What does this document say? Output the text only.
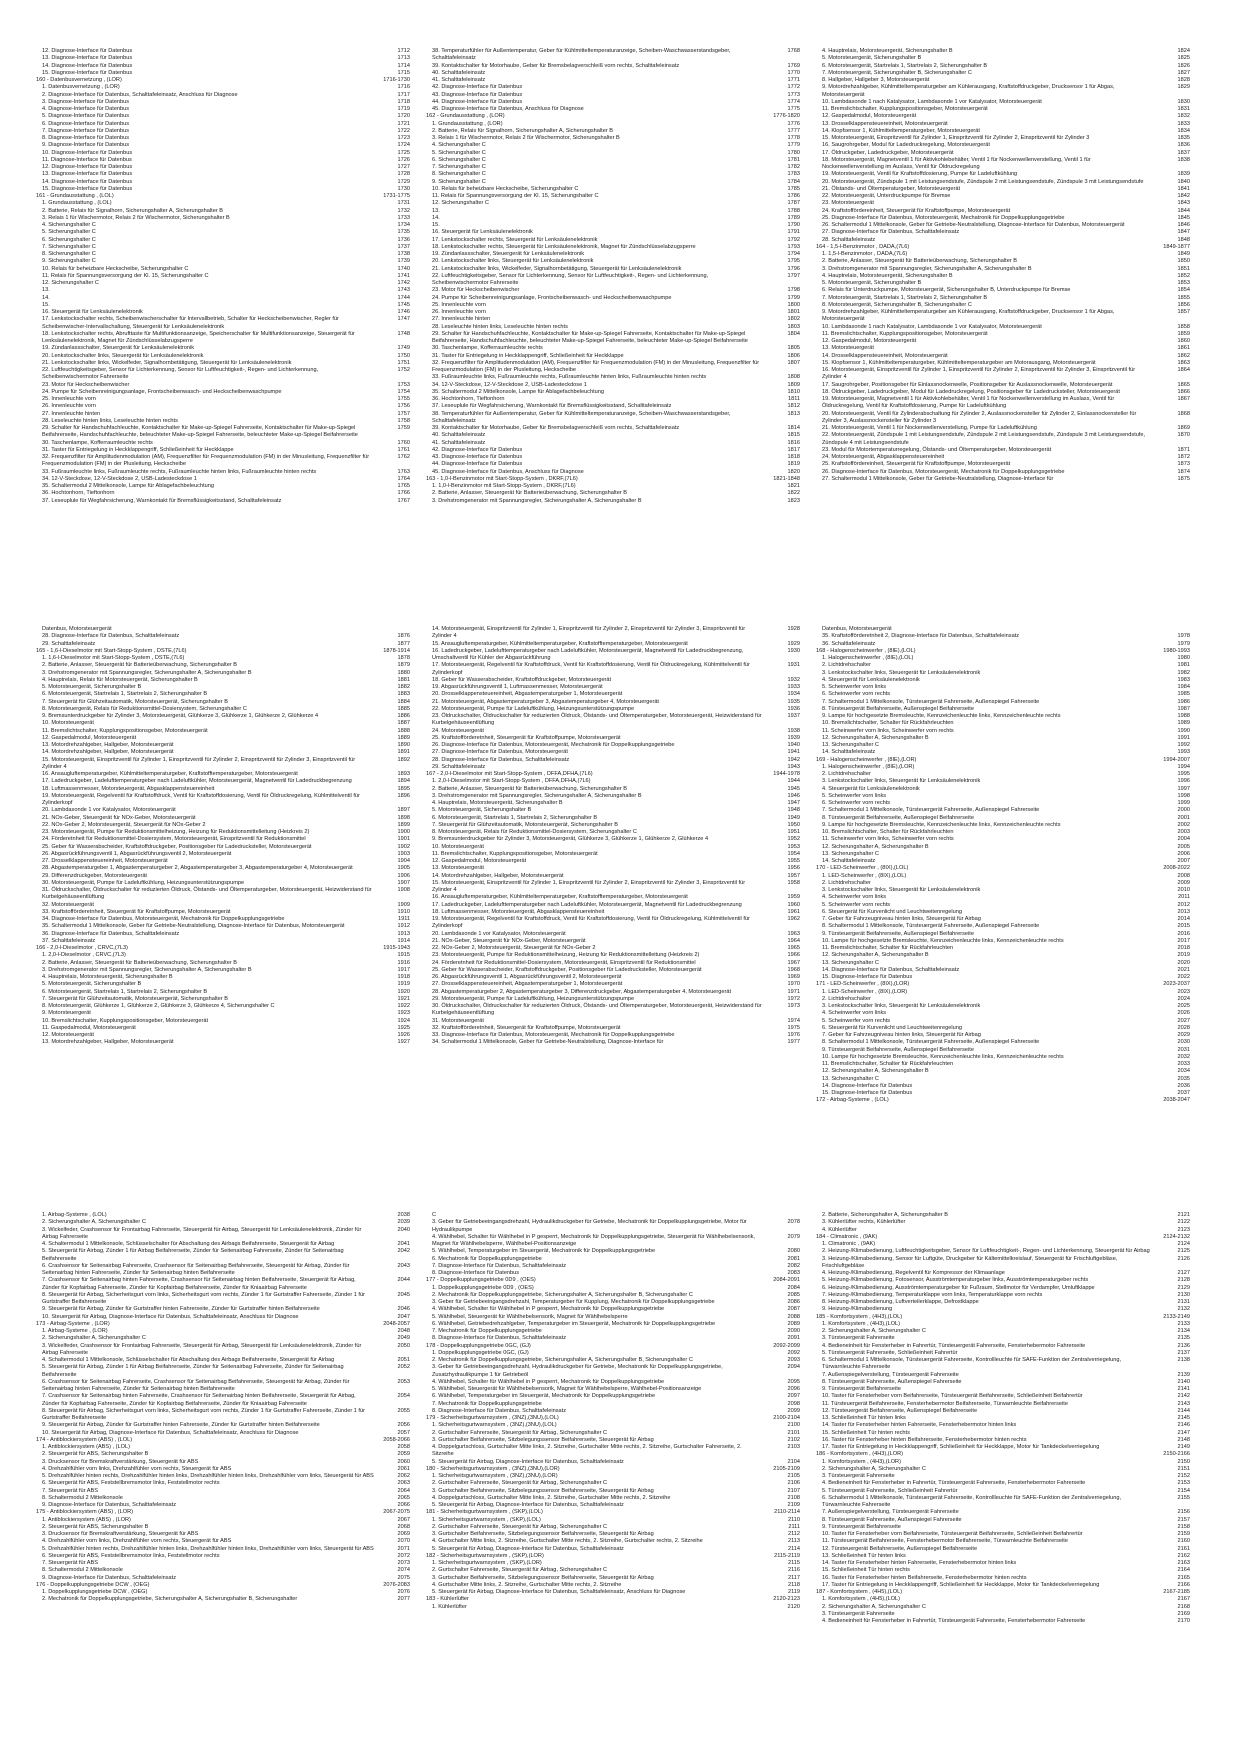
12. Diagnose-Interface für Datenbus	1712
13. Diagnose-Interface für Datenbus	1713
14. Diagnose-Interface für Datenbus	1714
15. Diagnose-Interface für Datenbus	1715
160 - Datenbusvernetzung , (LOR)	1716-1730
1. Datenbusvernetzung , (LOR)	1716
2. Diagnose-Interface für Datenbus, Schalttafeleinsatz, Anschluss für Diagnose	1717
3. Diagnose-Interface für Datenbus	1718
4. Diagnose-Interface für Datenbus	1719
5. Diagnose-Interface für Datenbus	1720
6. Diagnose-Interface für Datenbus	1721
7. Diagnose-Interface für Datenbus	1722
8. Diagnose-Interface für Datenbus	1723
9. Diagnose-Interface für Datenbus	1724
10. Diagnose-Interface für Datenbus	1725
11. Diagnose-Interface für Datenbus	1726
12. Diagnose-Interface für Datenbus	1727
13. Diagnose-Interface für Datenbus	1728
14. Diagnose-Interface für Datenbus	1729
15. Diagnose-Interface für Datenbus	1730
161 - Grundausstattung , (LOL)	1731-1775
1. Grundausstattung , (LOL)	1731
2. Batterie, Relais für Signalhorn, Sicherungshalter A, Sicherungshalter B	1732
3. Relais 1 für Wischermotor, Relais 2 für Wischermotor, Sicherungshalter B	1733
4. Sicherungshalter C	1734
5. Sicherungshalter C	1735
6. Sicherungshalter C	1736
7. Sicherungshalter C	1737
8. Sicherungshalter C	1738
9. Sicherungshalter C	1739
10. Relais für beheizbare Heckscheibe, Sicherungshalter C	1740
11. Relais für Spannungsversorgung der Kl. 15, Sicherungshalter C	1741
12. Sicherungshalter C	1742
13.	1743
14.	1744
15.	1745
16. Steuergerät für Lenksäulenelektronik	1746
17. Lenkstockschalter rechts, Scheibenwischerschalter für Intervallbetrieb, Schalter für Heckscheibenwischer, Regler für Scheibenwischer-Intervallschaltung, Steuergerät für Lenksäulenelektronik
1747
18. Lenkstockschalter rechts, Abrufttaste für Multifunktionsanzeige, Speicherschalter für Multifunktionsanzeige, Steuergerät für Lenksäulenelektronik, Magnet für Zündschlüsselabzugsperre
1748
19. Zündanlassschalter, Steuergerät für Lenksäulenelektronik	1749
20. Lenkstockschalter links, Steuergerät für Lenksäulenelektronik	1750
21. Lenkstockschalter links, Wickelfeder, Signalhornbetätigung, Steuergerät für Lenksäulenelektronik	1751
22. Luftfeuchtigkeitsgeber, Sensor für Lichterkennung, Sensor für Luftfeuchtigkeit-, Regen- und Lichterkennung, Scheibenwischermotor Fahrerseite
1752
23. Motor für Heckscheibenwischer	1753
24. Pumpe für Scheibenreinigungsanlage, Frontscheibenwasch- und Heckscheibenwaschpumpe	1754
25. Innenleuchte vorn	1755
26. Innenleuchte vorn	1756
27. Innenleuchte hinten	1757
28. Leseleuchte hinten links, Leseleuchte hinten rechts	1758
29. Schalter für Handschuhfachleuchte, Kontaktschalter für Make-up-Spiegel Fahrerseite, Kontaktschalter für Make-up-Spiegel Beifahrerseite, Handschuhfachleuchte, beleuchteter Make-up-Spiegel Fahrerseite, beleuchteter Make-up-Spiegel Beifahrerseite
1759
30. Taschenlampe, Kofferraumleuchte rechts	1760
31. Taster für Entriegelung in Heckklappengriff, Schließeinheit für Heckklappe	1761
32. Frequenzfilter für Amplitudenmodulation (AM), Frequenzfilter für Frequenzmodulation (FM) in der Minusleitung, Frequenzfilter für Frequenzmodulation (FM) in der Plusleitung, Heckscheibe
1762
33. Fußraumleuchte links, Fußraumleuchte rechts, Fußraumleuchte hinten links, Fußraumleuchte hinten rechts	1763
34. 12-V-Steckdose, 12-V-Steckdose 2, USB-Ladesteckdose 1	1764
35. Schaltermodul 2 Mittelkonsole, Lampe für Ablagefachbeleuchtung	1765
36. Hochtonhorn, Tieftonhorn	1766
37. Leseuplule für Wegfahrsicherung, Warnkontakt für Bremsflüssigkeitsstand, Schalttafeleinsatz	1767
38. Temperaturfühler für Außentemperatur, Geber für Kühlmitteltemperaturanzeige, Scheiben-Waschwasserstandsgeber, Schalttafeleinsatz
1768
39. Kontaktschalter für Motorhaube, Geber für Bremsbelagverschleiß vorn rechts, Schalttafeleinsatz	1769
40. Schalttafeleinsatz	1770
41. Schalttafeleinsatz	1771
42. Diagnose-Interface für Datenbus	1772
43. Diagnose-Interface für Datenbus	1773
44. Diagnose-Interface für Datenbus	1774
45. Diagnose-Interface für Datenbus, Anschluss für Diagnose	1775
162 - Grundausstattung , (LOR)	1776-1820
1. Grundausstattung , (LOR)	1776
2. Batterie, Relais für Signalhorn, Sicherungshalter A, Sicherungshalter B	1777
3. Relais 1 für Wischermotor, Relais 2 für Wischermotor, Sicherungshalter B	1778
4. Sicherungshalter C	1779
5. Sicherungshalter C	1780
6. Sicherungshalter C	1781
7. Sicherungshalter C	1782
8. Sicherungshalter C	1783
9. Sicherungshalter C	1784
10. Relais für beheizbare Heckscheibe, Sicherungshalter C	1785
11. Relais für Spannungsversorgung der Kl. 15, Sicherungshalter C	1786
12. Sicherungshalter C	1787
13.	1788
14.	1789
15.	1790
16. Steuergerät für Lenksäulenelektronik	1791
17. Lenkstockschalter rechts, Steuergerät für Lenksäulenelektronik	1792
18. Lenkstockschalter rechts, Steuergerät für Lenksäulenelektronik, Magnet für Zündschlüsselabzugsperre	1793
19. Zündanlassschalter, Steuergerät für Lenksäulenelektronik	1794
20. Lenkstockschalter links, Steuergerät für Lenksäulenelektronik	1795
21. Lenkstockschalter links, Wickelfeder, Signalhornbetätigung, Steuergerät für Lenksäulenelektronik	1796
22. Luftfeuchtigkeitsgeber, Sensor für Lichterkennung, Sensor für Luftfeuchtigkeit-, Regen- und Lichterkennung, Scheibenwischermotor Fahrerseite
1797
23. Motor für Heckscheibenwischer	1798
24. Pumpe für Scheibenreinigungsanlage, Frontscheibenwasch- und Heckscheibenwaschpumpe	1799
25. Innenleuchte vorn	1800
26. Innenleuchte vorn	1801
27. Innenleuchte hinten	1802
28. Leseleuchte hinten links, Leseleuchte hinten rechts	1803
29. Schalter für Handschuhfachleuchte, Kontaktschalter für Make-up-Spiegel Fahrerseite, Kontaktschalter für Make-up-Spiegel Beifahrerseite, Handschuhfachleuchte, beleuchteter Make-up-Spiegel Fahrerseite, beleuchteter Make-up-Spiegel Beifahrerseite
1804
30. Taschenlampe, Kofferraumleuchte rechts	1805
31. Taster für Entriegelung in Heckklappengriff, Schließeinheit für Heckklappe	1806
32. Frequenzfilter für Amplitudenmodulation (AM), Frequenzfilter für Frequenzmodulation (FM) in der Minusleitung, Frequenzfilter für Frequenzmodulation (FM) in der Plusleitung, Heckscheibe
1807
33. Fußraumleuchte links, Fußraumleuchte rechts, Fußraumleuchte hinten links, Fußraumleuchte hinten rechts	1808
34. 12-V-Steckdose, 12-V-Steckdose 2, USB-Ladesteckdose 1	1809
35. Schaltermodul 2 Mittelkonsole, Lampe für Ablagefachbeleuchtung	1810
36. Hochtonhorn, Tieftonhorn	1811
37. Leseuplule für Wegfahrsicherung, Warnkontakt für Bremsflüssigkeitsstand, Schalttafeleinsatz	1812
38. Temperaturfühler für Außentemperatur, Geber für Kühlmitteltemperaturanzeige, Scheiben-Waschwasserstandsgeber, Schalttafeleinsatz
1813
39. Kontaktschalter für Motorhaube, Geber für Bremsbelagverschleiß vorn rechts, Schalttafeleinsatz	1814
40. Schalttafeleinsatz	1815
41. Schalttafeleinsatz	1816
42. Diagnose-Interface für Datenbus	1817
43. Diagnose-Interface für Datenbus	1818
44. Diagnose-Interface für Datenbus	1819
45. Diagnose-Interface für Datenbus, Anschluss für Diagnose	1820
163 - 1,0-l-Benzinmotor mit Start-Stopp-System , DKRF,(7L6)	1821-1848
1. 1,0-l-Benzinmotor mit Start-Stopp-System , DKRF,(7L6)	1821
2. Batterie, Anlasser, Steuergerät für Batterieüberwachung, Sicherungshalter B	1822
3. Drehstromgenerator mit Spannungsregler, Sicherungshalter A, Sicherungshalter B	1823
4. Hauptrelais, Motorsteuergerät, Sicherungshalter B	1824
5. Motorsteuergerät, Sicherungshalter B	1825
6. Motorsteuergerät, Startrelais 1, Startrelais 2, Sicherungshalter B	1826
7. Motorsteuergerät, Sicherungshalter B, Sicherungshalter C	1827
8. Hallgeber, Hallgeber 3, Motorsteuergerät	1828
9. Motordrehzahlgeber, Kühlmitteltemperaturgeber am Kühlerausgang, Kraftstoffdruckgeber, Drucksensor 1 für Abgas, Motorsteuergerät
1829
10. Lambdasonde 1 nach Katalysator, Lambdasonde 1 vor Katalysator, Motorsteuergerät	1830
11. Bremslichtschalter, Kupplungspositionsgeber, Motorsteuergerät	1831
12. Gaspedalmodul, Motorsteuergerät	1832
13. Drosselklappensteuereinheit, Motorsteuergerät	1833
14. Klopfsensor 1, Kühlmitteltemperaturgeber, Motorsteuergerät	1834
15. Motorsteuergerät, Einspritzventil für Zylinder 1, Einspritzventil für Zylinder 2, Einspritzventil für Zylinder 3	1835
16. Saugrohrgeber, Modul für Ladedruckregelung, Motorsteuergerät	1836
17. Öldruckgeber, Ladedruckgeber, Motorsteuergerät	1837
18. Motorsteuergerät, Magnetventil 1 für Aktivkohlebehälter, Ventil 1 für Nockenwellenverstellung, Ventil 1 für Nockenwellenverstellung im Auslass, Ventil für Öldruckregelung
1838
19. Motorsteuergerät, Ventil für Kraftstoffdosierung, Pumpe für Ladeluftkühlung	1839
20. Motorsteuergerät, Zündspule 1 mit Leistungsendstufe, Zündspule 2 mit Leistungsendstufe, Zündspule 3 mit Leistungsendstufe	1840
21. Ölstands- und Öltemperaturgeber, Motorsteuergerät	1841
22. Motorsteuergerät, Unterdruckpumpe für Bremse	1842
23. Motorsteuergerät	1843
24. Kraftstoffördereinheit, Steuergerät für Kraftstoffpumpe, Motorsteuergerät	1844
25. Diagnose-Interface für Datenbus, Motorsteuergerät, Mechatronik für Doppelkupplungsgetriebe	1845
26. Schaltermodul 1 Mittelkonsole, Geber für Getriebe-Neutralstellung, Diagnose-Interface für Datenbus, Motorsteuergerät	1846
27. Diagnose-Interface für Datenbus, Schalttafeleinsatz	1847
28. Schalttafeleinsatz	1848
164 - 1,5-l-Benzinmotor , DADA,(7L6)	1849-1877
1. 1,5-l-Benzinmotor , DADA,(7L6)	1849
2. Batterie, Anlasser, Steuergerät für Batterieüberwachung, Sicherungshalter B	1850
3. Drehstromgenerator mit Spannungsregler, Sicherungshalter A, Sicherungshalter B	1851
4. Hauptrelais, Motorsteuergerät, Sicherungshalter B	1852
5. Motorsteuergerät, Sicherungshalter B	1853
6. Relais für Unterdruckpumpe, Motorsteuergerät, Sicherungshalter B, Unterdruckpumpe für Bremse	1854
7. Motorsteuergerät, Startrelais 1, Startrelais 2, Sicherungshalter B	1855
8. Motorsteuergerät, Sicherungshalter B, Sicherungshalter C	1856
9. Motordrehzahlgeber, Kühlmitteltemperaturgeber am Kühlerausgang, Kraftstoffdruckgeber, Drucksensor 1 für Abgas, Motorsteuergerät
1857
10. Lambdasonde 1 nach Katalysator, Lambdasonde 1 vor Katalysator, Motorsteuergerät	1858
11. Bremslichtschalter, Kupplungspositionsgeber, Motorsteuergerät	1859
12. Gaspedalmodul, Motorsteuergerät	1860
13. Motorsteuergerät	1861
14. Drosselklappensteuereinheit, Motorsteuergerät	1862
15. Klopfsensor 1, Kühlmitteltemperaturgeber, Kühlmitteltemperaturgeber am Motorausgang, Motorsteuergerät	1863
16. Motorsteuergerät, Einspritzventil für Zylinder 1, Einspritzventil für Zylinder 2, Einspritzventil für Zylinder 3, Einspritzventil für Zylinder 4
1864
17. Saugrohrgeber, Positionsgeber für Einlassnockenwelle, Positionsgeber für Auslassnockenwelle, Motorsteuergerät	1865
18. Öldruckgeber, Ladedruckgeber, Modul für Ladedruckregelung, Positionsgeber für Ladedrucksteller, Motorsteuergerät	1866
19. Motorsteuergerät, Magnetventil 1 für Aktivkohlebehälter, Ventil 1 für Nockenwellenverstellung im Auslass, Ventil für Öldruckregelung, Ventil für Kraftstoffdosierung, Pumpe für Ladeluftkühlung
1867
20. Motorsteuergerät, Ventil für Zylinderabschaltung für Zylinder 2, Auslassnockensteller für Zylinder 2, Einlassnockensteller für Zylinder 3, Auslassnockensteller für Zylinder 3
1868
21. Motorsteuergerät, Ventil 1 für Nockenwellenverstellung, Pumpe für Ladeluftkühlung	1869
22. Motorsteuergerät, Zündspule 1 mit Leistungsendstufe, Zündspule 2 mit Leistungsendstufe, Zündspule 3 mit Leistungsendstufe, Zündspule 4 mit Leistungsendstufe
1870
23. Modul für Motortemperaturregelung, Ölstands- und Öltemperaturgeber, Motorsteuergerät	1871
24. Motorsteuergerät, Abgasklappensteuereinheit	1872
25. Kraftstoffördereinheit, Steuergerät für Kraftstoffpumpe, Motorsteuergerät	1873
26. Diagnose-Interface für Datenbus, Motorsteuergerät, Mechatronik für Doppelkupplungsgetriebe	1874
27. Schaltermodul 1 Mittelkonsole, Geber für Getriebe-Neutralstellung, Diagnose-Interface für	1875
Datenbus, Motorsteuergerät
28. Diagnose-Interface für Datenbus, Schalttafeleinsatz	1876
29. Schalttafeleinsatz	1877
165 - 1,6-l-Dieselmotor mit Start-Stopp-System , DSTE,(7L6)	1878-1914
1. 1,6-l-Dieselmotor mit Start-Stopp-System , DSTE,(7L6)	1878
2. Batterie, Anlasser, Steuergerät für Batterieüberwachung, Sicherungshalter B	1879
3. Drehstromgenerator mit Spannungsregler, Sicherungshalter A, Sicherungshalter B	1880
4. Hauptrelais, Relais für Motorsteuergerät, Sicherungshalter B	1881
5. Motorsteuergerät, Sicherungshalter B	1882
6. Motorsteuergerät, Startrelais 1, Startrelais 2, Sicherungshalter B	1883
7. Steuergerät für Glühzeitautomatik, Motorsteuergerät, Sicherungshalter B	1884
8. Motorsteuergerät, Relais für Reduktionsmittel-Dosiersystem, Sicherungshalter C	1885
9. Bremsunterdruckgeber für Zylinder 3, Motorsteuergerät, Glühkerze 3, Glühkerze 1, Glühkerze 2, Glühkerze 4	1886
10. Motorsteuergerät	1887
11. Bremslichtschalter, Kupplungspositionsgeber, Motorsteuergerät	1888
12. Gaspedalmodul, Motorsteuergerät	1889
13. Motordrehzahlgeber, Hallgeber, Motorsteuergerät	1890
14. Motordrehzahlgeber, Hallgeber, Motorsteuergerät	1891
15. Motorsteuergerät, Einspritzventil für Zylinder 1, Einspritzventil für Zylinder 2, Einspritzventil für Zylinder 3, Einspritzventil für Zylinder 4
1892
16. Ansaugluftemperaturgeber, Kühlmitteltemperaturgeber, Kraftstofftemperaturgeber, Motorsteuergerät	1893
17. Ladedruckgeber, Ladelufttemperaturgeber nach Ladeluftkühler, Motorsteuergerät, Magnetventil für Ladedruckbegrenzung	1894
18. Luftmassenmesser, Motorsteuergerät, Abgasklappensteuereinheit	1895
19. Motorsteuergerät, Regelventil für Kraftstoffdruck, Ventil für Kraftstoffdosierung, Ventil für Öldruckregelung, Kühlmittelventil für Zylinderkopf
1896
20. Lambdasonde 1 vor Katalysator, Motorsteuergerät	1897
21. NOx-Geber, Steuergerät für NOx-Geber, Motorsteuergerät	1898
22. NOx-Geber 2, Motorsteuergerät, Steuergerät für NOx-Geber 2	1899
23. Motorsteuergerät, Pumpe für Reduktionsmittelheizung, Heizung für Reduktionsmittelleitung (Heizkreis 2)	1900
24. Förderetnheit für Reduktionsmittel-Dosiersystem, Motorsteuergerät, Einspritzventil für Reduktionsmittel	1901
25. Geber für Wasserabscheider, Kraftstoffdruckgeber, Positionsgeber für Ladedrucksteller, Motorsteuergerät	1902
26. Abgasrückführungsventil 1, Abgasrückführungsventil 2, Motorsteuergerät	1903
27. Drosselklappensteuereinheit, Motorsteuergerät	1904
28. Abgastemperaturgeber 1, Abgastemperaturgeber 2, Abgastemperaturgeber 3, Abgastemperaturgeber 4, Motorsteuergerät	1905
29. Differenzdruckgeber, Motorsteuergerät	1906
30. Motorsteuergerät, Pumpe für Ladeluftkühlung, Heizungsunterstützungspumpe	1907
31. Öldruckschalter, Öldruckschalter für reduzierten Öldruck, Ölstands- und Öltemperaturgeber, Motorsteuergerät, Heizwiderstand für Kurbelgehäuseentlüftung
1908
32. Motorsteuergerät	1909
33. Kraftstofförderetnheit, Steuergerät für Kraftstoffpumpe, Motorsteuergerät	1910
34. Diagnose-Interface für Datenbus, Motorsteuergerät, Mechatronik für Doppelkupplungsgetriebe	1911
35. Schaltermodul 1 Mittelkonsole, Geber für Getriebe-Neutralstellung, Diagnose-Interface für Datenbus, Motorsteuergerät	1912
36. Diagnose-Interface für Datenbus, Schalttafeleinsatz	1913
37. Schalttafeleinsatz	1914
166 - 2,0-l-Dieselmotor , CRVC,(7L3)	1915-1943
1. 2,0-l-Dieselmotor , CRVC,(7L3)	1915
2. Batterie, Anlasser, Steuergerät für Batterieüberwachung, Sicherungshalter B	1916
3. Drehstromgenerator mit Spannungsregler, Sicherungshalter A, Sicherungshalter B	1917
4. Hauptrelais, Motorsteuergerät, Sicherungshalter B	1918
5. Motorsteuergerät, Sicherungshalter B	1919
6. Motorsteuergerät, Startrelais 1, Startrelais 2, Sicherungshalter B	1920
7. Steuergerät für Glühzeitautomatik, Motorsteuergerät, Sicherungshalter B	1921
8. Motorsteuergerät, Glühkerze 1, Glühkerze 2, Glühkerze 3, Glühkerze 4, Sicherungshalter C	1922
9. Motorsteuergerät	1923
10. Bremslichtschalter, Kupplungspositionsgeber, Motorsteuergerät	1924
11. Gaspedalmodul, Motorsteuergerät	1925
12. Motorsteuergerät	1926
13. Motordrehzahlgeber, Hallgeber, Motorsteuergerät	1927
14. Motorsteuergerät, Einspritzventil für Zylinder 1, Einspritzventil für Zylinder 2, Einspritzventil für Zylinder 3, Einspritzventil für Zylinder 4
1928
15. Ansaugluftemperaturgeber, Kühlmitteltemperaturgeber, Kraftstofftemperaturgeber, Motorsteuergerät	1929
16. Ladedruckgeber, Ladelufttemperaturgeber nach Ladeluftkühler, Motorsteuergerät, Magnetventil für Ladedruckbegrenzung, Umschaltventil für Kühler der Abgasrückführung
1930
17. Motorsteuergerät, Regelventil für Kraftstoffdruck, Ventil für Kraftstoffdosierung, Ventil für Öldruckregelung, Kühlmittelventil für Zylinderkopf
1931
18. Geber für Wasserabscheider, Kraftstoffdruckgeber, Motorsteuergerät	1932
19. Abgasrückführungsventil 1, Luftmassenmesser, Motorsteuergerät	1933
20. Drosselklappensteuereinheit, Abgastemperaturgeber 1, Motorsteuergerät	1934
21. Motorsteuergerät, Abgastemperaturgeber 3, Abgastemperaturgeber 4, Motorsteuergerät	1935
22. Motorsteuergerät, Pumpe für Ladeluftkühlung, Heizungsunterstützungspumpe	1936
23. Öldruckschalter, Öldruckschalter für reduzierten Öldruck, Ölstands- und Öltemperaturgeber, Motorsteuergerät, Heizwiderstand für Kurbelgehäuseentlüftung
1937
24. Motorsteuergerät	1938
25. Kraftstofförderetnheit, Steuergerät für Kraftstoffpumpe, Motorsteuergerät	1939
26. Diagnose-Interface für Datenbus, Motorsteuergerät, Mechatronik für Doppelkupplungsgetriebe	1940
27. Diagnose-Interface für Datenbus, Motorsteuergerät	1941
28. Diagnose-Interface für Datenbus, Schalttafeleinsatz	1942
29. Schalttafeleinsatz	1943
167 - 2,0-l-Dieselmotor mit Start-Stopp-System , DFFA,DFHA,(7L6)	1944-1978
1. 2,0-l-Dieselmotor mit Start-Stopp-System , DFFA,DFHA,(7L6)	1944
2. Batterie, Anlasser, Steuergerät für Batterieüberwachung, Sicherungshalter B	1945
3. Drehstromgenerator mit Spannungsregler, Sicherungshalter A, Sicherungshalter B	1946
4. Hauptrelais, Motorsteuergerät, Sicherungshalter B	1947
5. Motorsteuergerät, Sicherungshalter B	1948
6. Motorsteuergerät, Startrelais 1, Startrelais 2, Sicherungshalter B	1949
7. Steuergerät für Glühzeitautomatik, Motorsteuergerät, Sicherungshalter B	1950
8. Motorsteuergerät, Relais für Reduktionsmittel-Dosiersystem, Sicherungshalter C	1951
9. Bremsunterdruckgeber für Zylinder 3, Motorsteuergerät, Glühkerze 3, Glühkerze 1, Glühkerze 2, Glühkerze 4	1952
10. Motorsteuergerät	1953
11. Bremslichtschalter, Kupplungspositionsgeber, Motorsteuergerät	1954
12. Gaspedalmodul, Motorsteuergerät	1955
13. Motorsteuergerät	1956
14. Motordrehzahlgeber, Hallgeber, Motorsteuergerät	1957
15. Motorsteuergerät, Einspritzventil für Zylinder 1, Einspritzventil für Zylinder 2, Einspritzventil für Zylinder 3, Einspritzventil für Zylinder 4
1958
16. Ansaugluftemperaturgeber, Kühlmitteltemperaturgeber, Kraftstofftemperaturgeber, Motorsteuergerät	1959
17. Ladedruckgeber, Ladelufttemperaturgeber nach Ladeluftkühler, Motorsteuergerät, Magnetventil für Ladedruckbegrenzung	1960
18. Luftmassenmesser, Motorsteuergerät, Abgasklappensteuereinheit	1961
19. Motorsteuergerät, Regelventil für Kraftstoffdruck, Ventil für Kraftstoffdosierung, Ventil für Öldruckregelung, Kühlmittelventil für Zylinderkopf
1962
20. Lambdasonde 1 vor Katalysator, Motorsteuergerät	1963
21. NOx-Geber, Steuergerät für NOx-Geber, Motorsteuergerät	1964
22. NOx-Geber 2, Motorsteuergerät, Steuergerät für NOx-Geber 2	1965
23. Motorsteuergerät, Pumpe für Reduktionsmittelheizung, Heizung für Reduktionsmittelleitung (Heizkreis 2)	1966
24. Förderetnheit für Reduktionsmittel-Dosiersystem, Motorsteuergerät, Einspritzventil für Reduktionsmittel	1967
25. Geber für Wasserabscheider, Kraftstoffdruckgeber, Positionsgeber für Ladedrucksteller, Motorsteuergerät	1968
26. Abgasrückführungsventil 1, Abgasrückführungsventil 2, Motorsteuergerät	1969
27. Drosselklappensteuereinheit, Abgastemperaturgeber 1, Motorsteuergerät	1970
28. Abgastemperaturgeber 2, Abgastemperaturgeber 3, Differenzdruckgeber, Abgastemperaturgeber 4, Motorsteuergerät	1971
29. Motorsteuergerät, Pumpe für Ladeluftkühlung, Heizungsunterstützungspumpe	1972
30. Öldruckschalter, Öldruckschalter für reduzierten Öldruck, Ölstands- und Öltemperaturgeber, Motorsteuergerät, Heizwiderstand für Kurbelgehäuseentlüftung
1973
31. Motorsteuergerät	1974
32. Kraftstofförderetnheit, Steuergerät für Kraftstoffpumpe, Motorsteuergerät	1975
33. Diagnose-Interface für Datenbus, Motorsteuergerät, Mechatronik für Doppelkupplungsgetriebe	1976
34. Schaltermodul 1 Mittelkonsole, Geber für Getriebe-Neutralstellung, Diagnose-Interface für	1977
Datenbus, Motorsteuergerät
35. Kraftstofförderetnheit 2, Diagnose-Interface für Datenbus, Schalttafeleinsatz	1978
36. Schalttafeleinsatz	1979
168 - Halogenscheinwerfer , (8IE),(LOL)	1980-1993
1. Halogenscheinwerfer , (8IE),(LOL)	1980
2. Lichtdrehschalter	1981
3. Lenkstockschalter links, Steuergerät für Lenksäulenelektronik	1982
4. Steuergerät für Lenksäulenelektronik	1983
5. Scheinwerfer vorn links	1984
6. Scheinwerfer vorn rechts	1985
7. Schaltermodul 1 Mittelkonsole, Türsteuergerät Fahrerseite, Außenspiegel Fahrerseite	1986
8. Türsteuergerät Beifahrerseite, Außenspiegel Beifahrerseite	1987
9. Lampe für hochgesetzte Bremsleuchte, Kennzeichenleuchte links, Kennzeichenleuchte rechts	1988
10. Bremslichtschalter, Schalter für Rückfahrleuchten	1989
11. Scheinwerfer vorn links, Scheinwerfer vorn rechts	1990
12. Sicherungshalter A, Sicherungshalter B	1991
13. Sicherungshalter C	1992
14. Schalttafeleinsatz	1993
169 - Halogenscheinwerfer , (8IE),(LOR)	1994-2007
1. Halogenscheinwerfer , (8IE),(LOR)	1994
2. Lichtdrehschalter	1995
3. Lenkstockschalter links, Steuergerät für Lenksäulenelektronik	1996
4. Steuergerät für Lenksäulenelektronik	1997
5. Scheinwerfer vorn links	1998
6. Scheinwerfer vorn rechts	1999
7. Schaltermodul 1 Mittelkonsole, Türsteuergerät Fahrerseite, Außenspiegel Fahrerseite	2000
8. Türsteuergerät Beifahrerseite, Außenspiegel Beifahrerseite	2001
9. Lampe für hochgesetzte Bremsleuchte, Kennzeichenleuchte links, Kennzeichenleuchte rechts	2002
10. Bremslichtschalter, Schalter für Rückfahrleuchten	2003
11. Scheinwerfer vorn links, Scheinwerfer vorn rechts	2004
12. Sicherungshalter A, Sicherungshalter B	2005
13. Sicherungshalter C	2006
14. Schalttafeleinsatz	2007
170 - LED-Scheinwerfer , (8IX),(LOL)	2008-2022
1. LED-Scheinwerfer , (8IX),(LOL)	2008
2. Lichtdrehschalter	2009
3. Lenkstockschalter links, Steuergerät für Lenksäulenelektronik	2010
4. Scheinwerfer vorn links	2011
5. Scheinwerfer vorn rechts	2012
6. Steuergerät für Kurvenlicht und Leuchtweitenregelung	2013
7. Geber für Fahrzeugniveau hinten links, Steuergerät für Airbag	2014
8. Schaltermodul 1 Mittelkonsole, Türsteuergerät Fahrerseite, Außenspiegel Fahrerseite	2015
9. Türsteuergerät Beifahrerseite, Außenspiegel Beifahrerseite	2016
10. Lampe für hochgesetzte Bremsleuchte, Kennzeichenleuchte links, Kennzeichenleuchte rechts	2017
11. Bremslichtschalter, Schalter für Rückfahrleuchten	2018
12. Sicherungshalter A, Sicherungshalter B	2019
13. Sicherungshalter C	2020
14. Diagnose-Interface für Datenbus, Schalttafeleinsatz	2021
15. Diagnose-Interface für Datenbus	2022
171 - LED-Scheinwerfer , (8IX),(LOR)	2023-2037
1. LED-Scheinwerfer , (8IX),(LOR)	2023
2. Lichtdrehschalter	2024
3. Lenkstockschalter links, Steuergerät für Lenksäulenelektronik	2025
4. Scheinwerfer vorn links	2026
5. Scheinwerfer vorn rechts	2027
6. Steuergerät für Kurvenlicht und Leuchtweitenregelung	2028
7. Geber für Fahrzeugniveau hinten links, Steuergerät für Airbag	2029
8. Schaltermodul 1 Mittelkonsole, Türsteuergerät Fahrerseite, Außenspiegel Fahrerseite	2030
9. Türsteuergerät Beifahrerseite, Außenspiegel Beifahrerseite	2031
10. Lampe für hochgesetzte Bremsleuchte, Kennzeichenleuchte links, Kennzeichenleuchte rechts	2032
11. Bremslichtschalter, Schalter für Rückfahrleuchten	2033
12. Sicherungshalter A, Sicherungshalter B	2034
13. Sicherungshalter C	2035
14. Diagnose-Interface für Datenbus	2036
15. Diagnose-Interface für Datenbus	2037
172 - Airbag-Systeme , (LOL)	2038-2047
1. Airbag-Systeme , (LOL)	2038
2. Sicherungshalter A, Sicherungshalter C	2039
3. Wickelfeder, Crashsensor für Frontairbag Fahrerseite, Steuergerät für Airbag, Steuergerät für Lenksäulenelektronik, Zünder für Airbag Fahrerseite
2040
4. Schaltermodul 1 Mittelkonsole, Schlüsselschalter für Abschaltung des Airbags Beifahrerseite, Steuergerät für Airbag	2041
5. Steuergerät für Airbag, Zünder 1 für Airbag Beifahrerseite, Zünder für Seitenairbag Fahrerseite, Zünder für Seitenairbag Beifahrerseite
2042
6. Crashsensor für Seitenairbag Fahrerseite, Crashsensor für Seitenairbag Beifahrerseite, Steuergerät für Airbag, Zünder für Seitenairbag hinten Fahrerseite, Zünder für Seitenairbag hinten Beifahrerseite
2043
7. Crashsensor für Seitenairbag hinten Fahrerseite, Crashsensor für Seitenairbag hinten Beifahrerseite, Steuergerät für Airbag, Zünder für Kopfairbag Fahrerseite, Zünder für Kopfairbag Beifahrerseite, Zünder für Kniaairbag Fahrerseite
2044
8. Steuergerät für Airbag, Sicherheitsgurt vorn links, Sicherheitsgurt vorn rechts, Zünder 1 für Gurtstraffer Fahrerseite, Zünder 1 für Gurtstraffer Beifahrerseite
2045
9. Steuergerät für Airbag, Zünder für Gurtstraffer hinten Fahrerseite, Zünder für Gurtstraffer hinten Beifahrerseite	2046
10. Steuergerät für Airbag, Diagnose-Interface für Datenbus, Schalttafeleinsatz, Anschluss für Diagnose	2047
173 - Airbag-Systeme , (LOR)	2048-2057
1. Airbag-Systeme , (LOR)	2048
2. Sicherungshalter A, Sicherungshalter C	2049
3. Wickelfeder, Crashsensor für Frontairbag Fahrerseite, Steuergerät für Airbag, Steuergerät für Lenksäulenelektronik, Zünder für Airbag Fahrerseite
2050
4. Schaltermodul 1 Mittelkonsole, Schlüsselschalter für Abschaltung des Airbags Beifahrerseite, Steuergerät für Airbag	2051
5. Steuergerät für Airbag, Zünder 1 für Airbag Beifahrerseite, Zünder für Seitenairbag Fahrerseite, Zünder für Seitenairbag Beifahrerseite
2052
6. Crashsensor für Seitenairbag Fahrerseite, Crashsensor für Seitenairbag Beifahrerseite, Steuergerät für Airbag, Zünder für Seitenairbag hinten Fahrerseite, Zünder für Seitenairbag hinten Beifahrerseite
2053
7. Crashsensor für Seitenairbag hinten Fahrerseite, Crashsensor für Seitenairbag hinten Beifahrerseite, Steuergerät für Airbag, Zünder für Kopfairbag Fahrerseite, Zünder für Kopfairbag Beifahrerseite, Zünder für Kniaairbag Fahrerseite
2054
8. Steuergerät für Airbag, Sicherheitsgurt vorn links, Sicherheitsgurt vorn rechts, Zünder 1 für Gurtstraffer Fahrerseite, Zünder 1 für Gurtstraffer Beifahrerseite
2055
9. Steuergerät für Airbag, Zünder für Gurtstraffer hinten Fahrerseite, Zünder für Gurtstraffer hinten Beifahrerseite	2056
10. Steuergerät für Airbag, Diagnose-Interface für Datenbus, Schalttafeleinsatz, Anschluss für Diagnose	2057
174 - Antiblockiersystem (ABS) , (LOL)	2058-2066
1. Antiblockiersystem (ABS) , (LOL)	2058
2. Steuergerät für ABS, Sicherungshalter B	2059
3. Drucksensor für Bremskraftverstärkung, Steuergerät für ABS	2060
4. Drehzahlfühler vorn links, Drehzahlfühler vorn rechts, Steuergerät für ABS	2061
5. Drehzahlfühler hinten rechts, Drehzahlfühler hinten links, Drehzahlfühler hinten links, Drehzahlfühler vorn links, Steuergerät für ABS	2062
6. Steuergerät für ABS, Feststellbremsmotor links, Feststellmotor rechts	2063
7. Steuergerät für ABS	2064
8. Schaltermodul 2 Mittelkonsole	2065
9. Diagnose-Interface für Datenbus, Schalttafeleinsatz	2066
175 - Antiblockiersystem (ABS) , (LOR)	2067-2075
1. Antiblockiersystem (ABS) , (LOR)	2067
2. Steuergerät für ABS, Sicherungshalter B	2068
3. Drucksensor für Bremskraftverstärkung, Steuergerät für ABS	2069
4. Drehzahlfühler vorn links, Drehzahlfühler vorn rechts, Steuergerät für ABS	2070
5. Drehzahlfühler hinten rechts, Drehzahlfühler hinten links, Drehzahlfühler hinten links, Drehzahlfühler vorn links, Steuergerät für ABS	2071
6. Steuergerät für ABS, Feststellbremsmotor links, Feststellmotor rechts	2072
7. Steuergerät für ABS	2073
8. Schaltermodul 2 Mittelkonsole	2074
9. Diagnose-Interface für Datenbus, Schalttafeleinsatz	2075
176 - Doppelkupplungsgetriebe DCW , (OEG)	2076-2083
1. Doppelkupplungsgetriebe DCW , (OEG)	2076
2. Mechatronik für Doppelkupplungsgetriebe, Sicherungshalter A, Sicherungshalter B, Sicherungshalter	2077
C
3. Geber für Getriebeeingangsdrehzahl, Hydraulikdruckgeber für Getriebe, Mechatronik für Doppelkupplungsgetriebe, Motor für Hydraulikpumpe
2078
4. Wählhebel, Schalter für Wählhebel in P gesperrt, Mechatronik für Doppelkupplungsgetriebe, Steuergerät für Wählhebelsensorik, Magnet für Wählhebelsperre, Wählhebel-Positionsanzeige
2079
5. Wählhebel, Temperaturgeber im Steuergerät, Mechatronik für Doppelkupplungsgetriebe	2080
6. Mechatronik für Doppelkupplungsgetriebe	2081
7. Diagnose-Interface für Datenbus, Schalttafeleinsatz	2082
8. Diagnose-Interface für Datenbus	2083
177 - Doppelkupplungsgetriebe 0D9 , (OES)	2084-2091
1. Doppelkupplungsgetriebe 0D9 , (OES)	2084
2. Mechatronik für Doppelkupplungsgetriebe, Sicherungshalter A, Sicherungshalter B, Sicherungshalter C	2085
3. Geber für Getriebeeingangsdrehzahl, Temperaturgeber für Kupplung, Mechatronik für Doppelkupplungsgetriebe	2086
4. Wählhebel, Schalter für Wählhebel in P gesperrt, Mechatronik für Doppelkupplungsgetriebe	2087
5. Wählhebel, Steuergerät für Wählhebelsensorik, Magnet für Wählhebelsperre	2088
6. Wählhebel, Getriebedrehzahlgeber, Temperaturgeber im Steuergerät, Mechatronik für Doppelkupplungsgetriebe	2089
7. Mechatronik für Doppelkupplungsgetriebe	2090
8. Diagnose-Interface für Datenbus, Schalttafeleinsatz	2091
178 - Doppelkupplungsgetriebe 0GC, (GJ)	2092-2099
1. Doppelkupplungsgetriebe 0GC, (GJ)	2092
2. Mechatronik für Doppelkupplungsgetriebe, Sicherungshalter A, Sicherungshalter B, Sicherungshalter C	2093
3. Geber für Getriebeeingangsdrehzahl, Hydraulikdruckgeber für Getriebe, Mechatronik für Doppelkupplungsgetriebe, Zusatzhydraulikpumpe 1 für Getriebeöl
2094
4. Wählhebel, Schalter für Wählhebel in P gesperrt, Mechatronik für Doppelkupplungsgetriebe	2095
5. Wählhebel, Steuergerät für Wählhebelsensorik, Magnet für Wählhebelsperre, Wählhebel-Positionsanzeige	2096
6. Wählhebel, Temperaturgeber im Steuergerät, Mechatronik für Doppelkupplungsgetriebe	2097
7. Mechatronik für Doppelkupplungsgetriebe	2098
8. Diagnose-Interface für Datenbus, Schalttafeleinsatz	2099
179 - Sicherheitsgurtwarnsystem , (3NZ),(3NU),(LOL)	2100-2104
1. Sicherheitsgurtwarnsystem , (3NZ),(3NU),(LOL)	2100
2. Gurtschalter Fahrerseite, Steuergerät für Airbag, Sicherungshalter C	2101
3. Gurtschalter Beifahrerseite, Sitzbelegungssensor Beifahrerseite, Steuergerät für Airbag	2102
4. Doppelgurtschloss, Gurtschalter Mitte links, 2. Sitzreihe, Gurtschalter Mitte rechts, 2. Sitzreihe, Gurtschalter Fahrerseite, 2. Sitzreihe
2103
5. Steuergerät für Airbag, Diagnose-Interface für Datenbus, Schalttafeleinsatz	2104
180 - Sicherheitsgurtwarnsystem , (3NZ),(3NU),(LOR)	2105-2109
1. Sicherheitsgurtwarnsystem , (3NZ),(3NU),(LOR)	2105
2. Gurtschalter Fahrerseite, Steuergerät für Airbag, Sicherungshalter C	2106
3. Gurtschalter Beifahrerseite, Sitzbelegungssensor Beifahrerseite, Steuergerät für Airbag	2107
4. Doppelgurtschloss, Gurtschalter Mitte links, 2. Sitzreihe, Gurtschalter Mitte rechts, 2. Sitzreihe	2108
5. Steuergerät für Airbag, Diagnose-Interface für Datenbus, Schalttafeleinsatz	2109
181 - Sicherheitsgurtwarnsystem , (SKP),(LOL)	2110-2114
1. Sicherheitsgurtwarnsystem , (SKP),(LOL)	2110
2. Gurtschalter Fahrerseite, Steuergerät für Airbag, Sicherungshalter C	2111
3. Gurtschalter Beifahrerseite, Sitzbelegungssensor Beifahrerseite, Steuergerät für Airbag	2112
4. Gurtschalter Mitte links, 2. Sitzreihe, Gurtschalter Mitte rechts, 2. Sitzreihe, Gurtschalter rechts, 2. Sitzreihe	2113
5. Steuergerät für Airbag, Diagnose-Interface für Datenbus, Schalttafeleinsatz	2114
182 - Sicherheitsgurtwarnsystem , (SKP),(LOR)	2115-2119
1. Sicherheitsgurtwarnsystem , (SKP),(LOR)	2115
2. Gurtschalter Fahrerseite, Steuergerät für Airbag, Sicherungshalter C	2116
3. Gurtschalter Beifahrerseite, Sitzbelegungssensor Beifahrerseite, Steuergerät für Airbag	2117
4. Gurtschalter Mitte links, 2. Sitzreihe, Gurtschalter Mitte rechts, 2. Sitzreihe	2118
5. Steuergerät für Airbag, Diagnose-Interface für Datenbus, Schalttafeleinsatz, Anschluss für Diagnose	2119
183 - Kühlerlüfter	2120-2123
1. Kühlerlüfter	2120
2. Batterie, Sicherungshalter A, Sicherungshalter B	2121
3. Kühlerlüfter rechts, Kühlerlüfter	2122
4. Kühlerlüfter	2123
184 - Climatronic , (9AK)	2124-2132
1. Climatronic , (9AK)	2124
2. Heizung-/Klimabedienung, Luftfeuchtigkeitsgeber, Sensor für Luftfeuchtigkeit-, Regen- und Lichterkennung, Steuergerät für Airbag	2125
3. Heizung-/Klimabedienung, Sensor für Luftgüte, Druckgeber für Kältemittelkreislauf, Steuergerät für Frischluftgebläse, Frischluftgebläse
2126
4. Heizung-/Klimabedienung, Regelventil für Kompressor der Klimaanlage	2127
5. Heizung-/Klimabedienung, Fotosensor, Ausströmtemperaturgeber links, Ausströmtemperaturgeber rechts	2128
6. Heizung-/Klimabedienung, Ausströmtemperaturgeber für Fußraum, Stellmotor für Verdampfer, Umluftklappe	2129
7. Heizung-/Klimabedienung, Temperaturklappe vorn links, Temperaturklappe vorn rechts	2130
8. Heizung-/Klimabedienung, Luftverteilerklappe, Defrostklappe	2131
9. Heizung-/Klimabedienung	2132
185 - Komfortsystem , (4H3),(LOL)	2133-2149
1. Komfortsystem , (4H3),(LOL)	2133
2. Sicherungshalter A, Sicherungshalter C	2134
3. Türsteuergerät Fahrerseite	2135
4. Bedieneinheit für Fensterheber in Fahrertür, Türsteuergerät Fahrerseite, Fensterhebermotor Fahrerseite	2136
5. Türsteuergerät Fahrerseite, Schließeinheit Fahrertür	2137
6. Schaltermodul 1 Mittelkonsole, Türsteuergerät Fahrerseite, Kontrollleuchte für SAFE-Funktion der Zentralverriegelung, Türwarnleuchte Fahrerseite
2138
7. Außenspiegelverstellung, Türsteuergerät Fahrerseite	2139
8. Türsteuergerät Fahrerseite, Außenspiegel Fahrerseite	2140
9. Türsteuergerät Beifahrerseite	2141
10. Taster für Fensterheber vorn Beifahrerseite, Türsteuergerät Beifahrerseite, Schließeinheit Beifahrertür	2142
11. Türsteuergerät Beifahrerseite, Fensterhebermotor Beifahrerseite, Türwarnleuchte Beifahrerseite	2143
12. Türsteuergerät Beifahrerseite, Außenspiegel Beifahrerseite	2144
13. Schließeinheit Tür hinten links	2145
14. Taster für Fensterheber hinten Fahrerseite, Fensterhebermotor hinten links	2146
15. Schließeinheit Tür hinten rechts	2147
16. Taster für Fensterheber hinten Beifahrerseite, Fensterhebermotor hinten rechts	2148
17. Taster für Entriegelung in Heckklappengriff, Schließeinheit für Heckklappe, Motor für Tankdeckelverriegelung	2149
186 - Komfortsystem , (4H3),(LOR)	2150-2166
1. Komfortsystem , (4H3),(LOR)	2150
2. Sicherungshalter A, Sicherungshalter C	2151
3. Türsteuergerät Fahrerseite	2152
4. Bedieneinheit für Fensterheber in Fahrertür, Türsteuergerät Fahrerseite, Fensterhebermotor Fahrerseite	2153
5. Türsteuergerät Fahrerseite, Schließeinheit Fahrertür	2154
6. Schaltermodul 1 Mittelkonsole, Türsteuergerät Fahrerseite, Kontrollleuchte für SAFE-Funktion der Zentralverriegelung, Türwarnleuchte Fahrerseite
2155
7. Außenspiegelverstellung, Türsteuergerät Fahrerseite	2156
8. Türsteuergerät Fahrerseite, Außenspiegel Fahrerseite	2157
9. Türsteuergerät Beifahrerseite	2158
10. Taster für Fensterheber vorn Beifahrerseite, Türsteuergerät Beifahrerseite, Schließeinheit Beifahrertür	2159
11. Türsteuergerät Beifahrerseite, Fensterhebermotor Beifahrerseite, Türwarnleuchte Beifahrerseite	2160
12. Türsteuergerät Beifahrerseite, Außenspiegel Beifahrerseite	2161
13. Schließeinheit Tür hinten links	2162
14. Taster für Fensterheber hinten Fahrerseite, Fensterhebermotor hinten links	2163
15. Schließeinheit Tür hinten rechts	2164
16. Taster für Fensterheber hinten Beifahrerseite, Fensterhebermotor hinten rechts	2165
17. Taster für Entriegelung in Heckklappengriff, Schließeinheit für Heckklappe, Motor für Tankdeckelverriegelung	2166
187 - Komfortsystem , (4H5),(LOL)	2167-2185
1. Komfortsystem , (4H5),(LOL)	2167
2. Sicherungshalter A, Sicherungshalter C	2168
3. Türsteuergerät Fahrerseite	2169
4. Bedieneinheit für Fensterheber in Fahrertür, Türsteuergerät Fahrerseite, Fensterhebermotor Fahrerseite	2170
